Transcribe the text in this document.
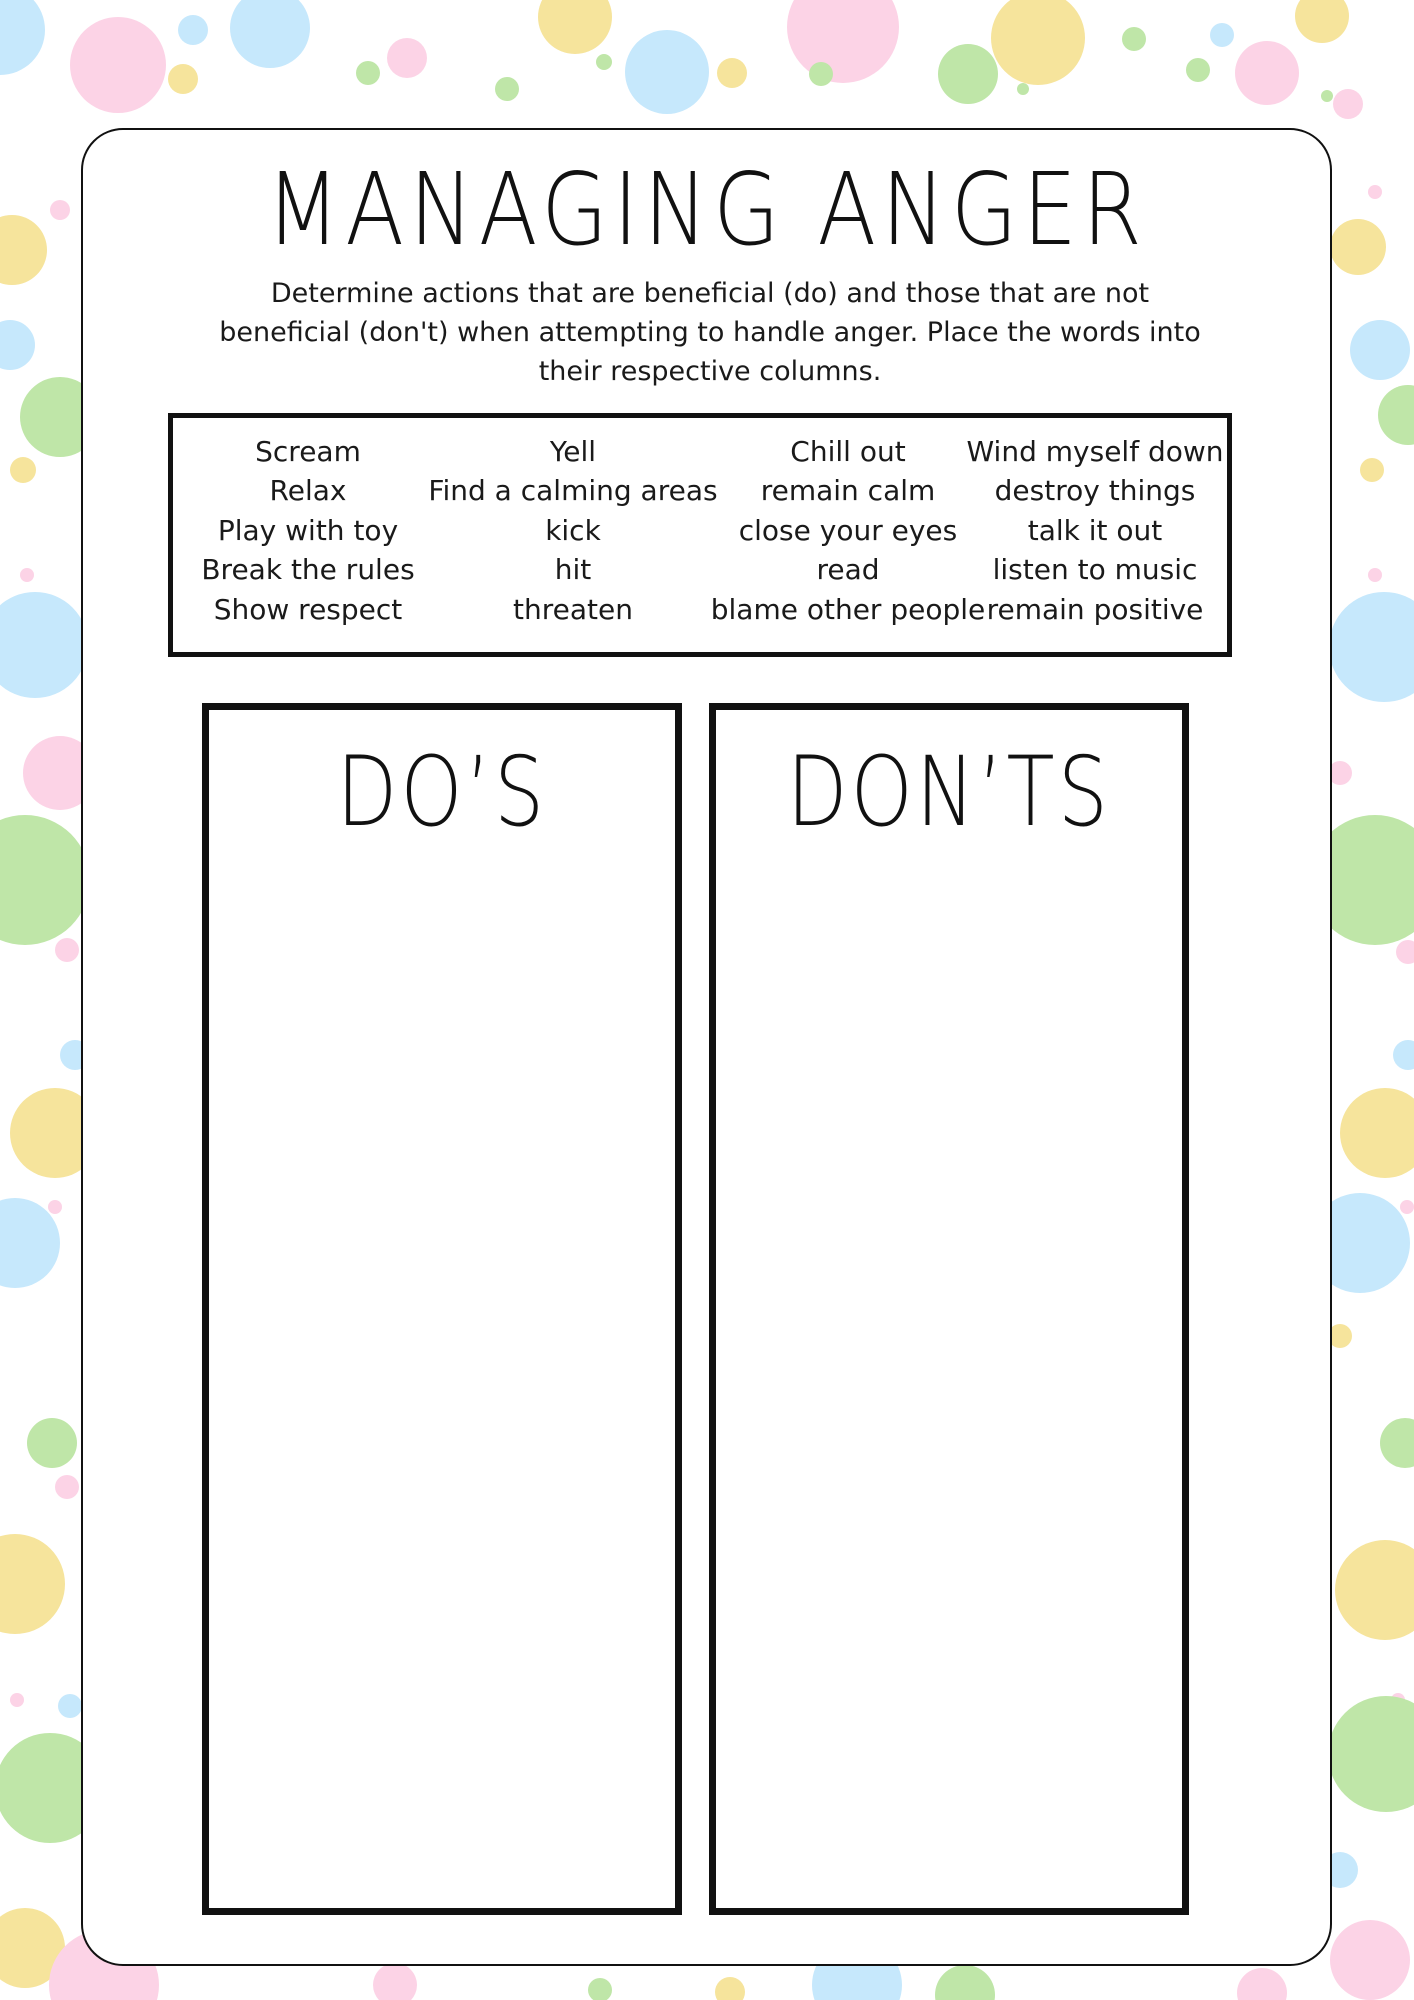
MANAGING ANGER
Determine actions that are beneficial (do) and those that are not beneficial (don't) when attempting to handle anger. Place the words into their respective columns.
Scream
Relax
Play with toy
Break the rules
Show respect
Yell
Find a calming areas
kick
hit
threaten
Chill out
remain calm
close your eyes
read
blame other people
Wind myself down
destroy things
talk it out
listen to music
remain positive
DO’S	DON’TS
